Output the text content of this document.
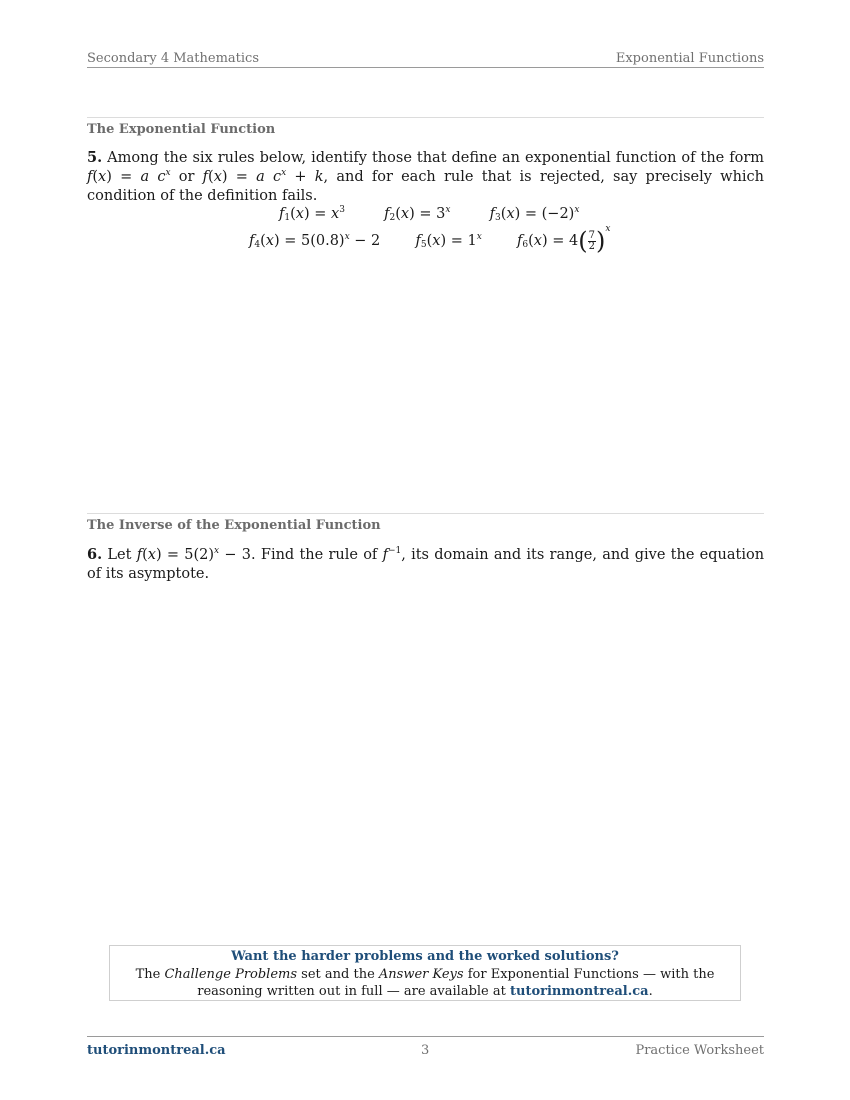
Secondary 4 Mathematics	Exponential Functions
The Exponential Function
5. Among the six rules below, identify those that define an exponential function of the form f(x) = a $c^x$ or f(x) = a $c^x + k$, and for each rule that is rejected, say precisely which condition of the definition fails.
$f_1(x) = x^3$	$f_2(x) = 3^x$	$f_3(x) = (-2)^x$
$f_4(x) = 5(0.8)^x - 2$ $f_5(x) = 1^x$ $f_6(x) = 4( \frac{7}{2} )^x$
The Inverse of the Exponential Function
6. Let $f(x) = 5(2)^x - 3$. Find the rule of $f^{-1}$, its domain and its range, and give the equation of its asymptote.
Want the harder problems and the worked solutions?
The Challenge Problems set and the Answer Keys for Exponential Functions — with the reasoning written out in full — are available at tutorinmontreal.ca.
tutorinmontreal.ca	3	Practice Worksheet
